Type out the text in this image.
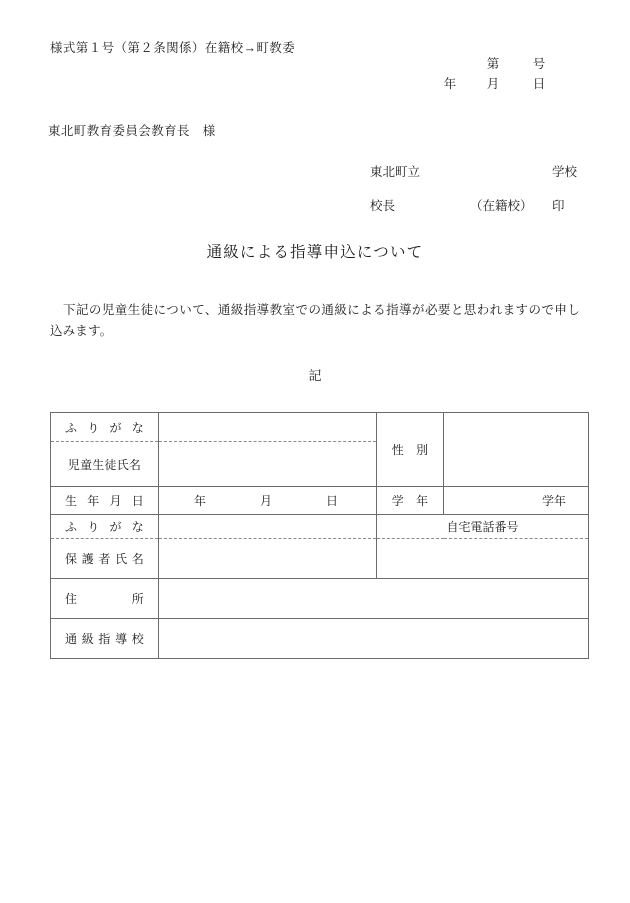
様式第１号（第２条関係）在籍校→町教委
第	号
年	月	日
東北町教育委員会教育長　様
東北町立	学校
校長	（在籍校）	印
通級による指導申込について
下記の児童生徒について、通級指導教室での通級による指導が必要と思われますので申し込みます。
記
ふりがな		性　別	
児童生徒氏名			
生年月日	年 月 日	学　年	学年
ふりがな		自宅電話番号	
保護者氏名			
住所			
通級指導校			
